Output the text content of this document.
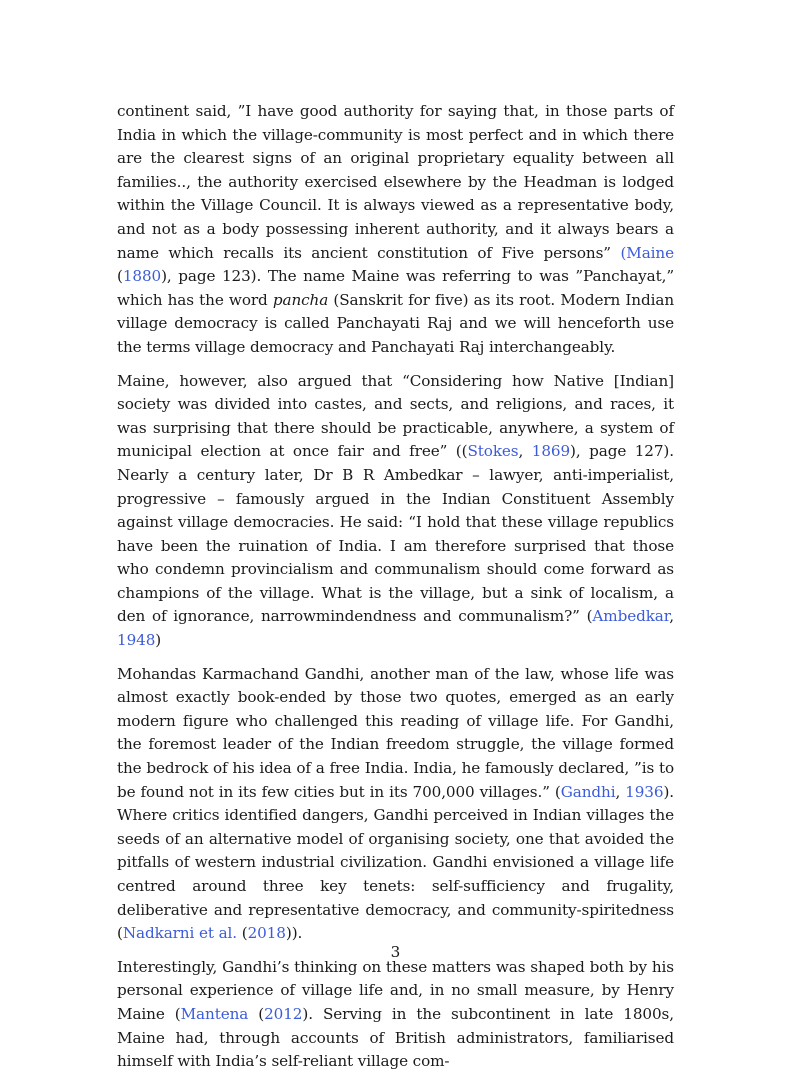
continent said, ”I have good authority for saying that, in those parts of India in which the village-community is most perfect and in which there are the clearest signs of an original proprietary equality between all families.., the authority exercised elsewhere by the Headman is lodged within the Village Council. It is always viewed as a representative body, and not as a body possessing inherent authority, and it always bears a name which recalls its ancient constitution of Five persons” (Maine (1880), page 123). The name Maine was referring to was ”Panchayat,” which has the word pancha (Sanskrit for five) as its root. Modern Indian village democracy is called Panchayati Raj and we will henceforth use the terms village democracy and Panchayati Raj interchangeably.

Maine, however, also argued that “Considering how Native [Indian] society was divided into castes, and sects, and religions, and races, it was surprising that there should be practicable, anywhere, a system of municipal election at once fair and free” ((Stokes, 1869), page 127). Nearly a century later, Dr B R Ambedkar – lawyer, anti-imperialist, progressive – famously argued in the Indian Constituent Assembly against village democracies. He said: “I hold that these village republics have been the ruination of India. I am therefore surprised that those who condemn provincialism and communalism should come forward as champions of the village. What is the village, but a sink of localism, a den of ignorance, narrowmindendness and communalism?” (Ambedkar, 1948)

Mohandas Karmachand Gandhi, another man of the law, whose life was almost exactly book-ended by those two quotes, emerged as an early modern figure who challenged this reading of village life. For Gandhi, the foremost leader of the Indian freedom struggle, the village formed the bedrock of his idea of a free India. India, he famously declared, ”is to be found not in its few cities but in its 700,000 villages.” (Gandhi, 1936). Where critics identified dangers, Gandhi perceived in Indian villages the seeds of an alternative model of organising society, one that avoided the pitfalls of western industrial civilization. Gandhi envisioned a village life centred around three key tenets: self-sufficiency and frugality, deliberative and representative democracy, and community-spiritedness (Nadkarni et al. (2018)).

Interestingly, Gandhi’s thinking on these matters was shaped both by his personal experience of village life and, in no small measure, by Henry Maine (Mantena (2012). Serving in the subcontinent in late 1800s, Maine had, through accounts of British administrators, familiarised himself with India’s self-reliant village com-

3
